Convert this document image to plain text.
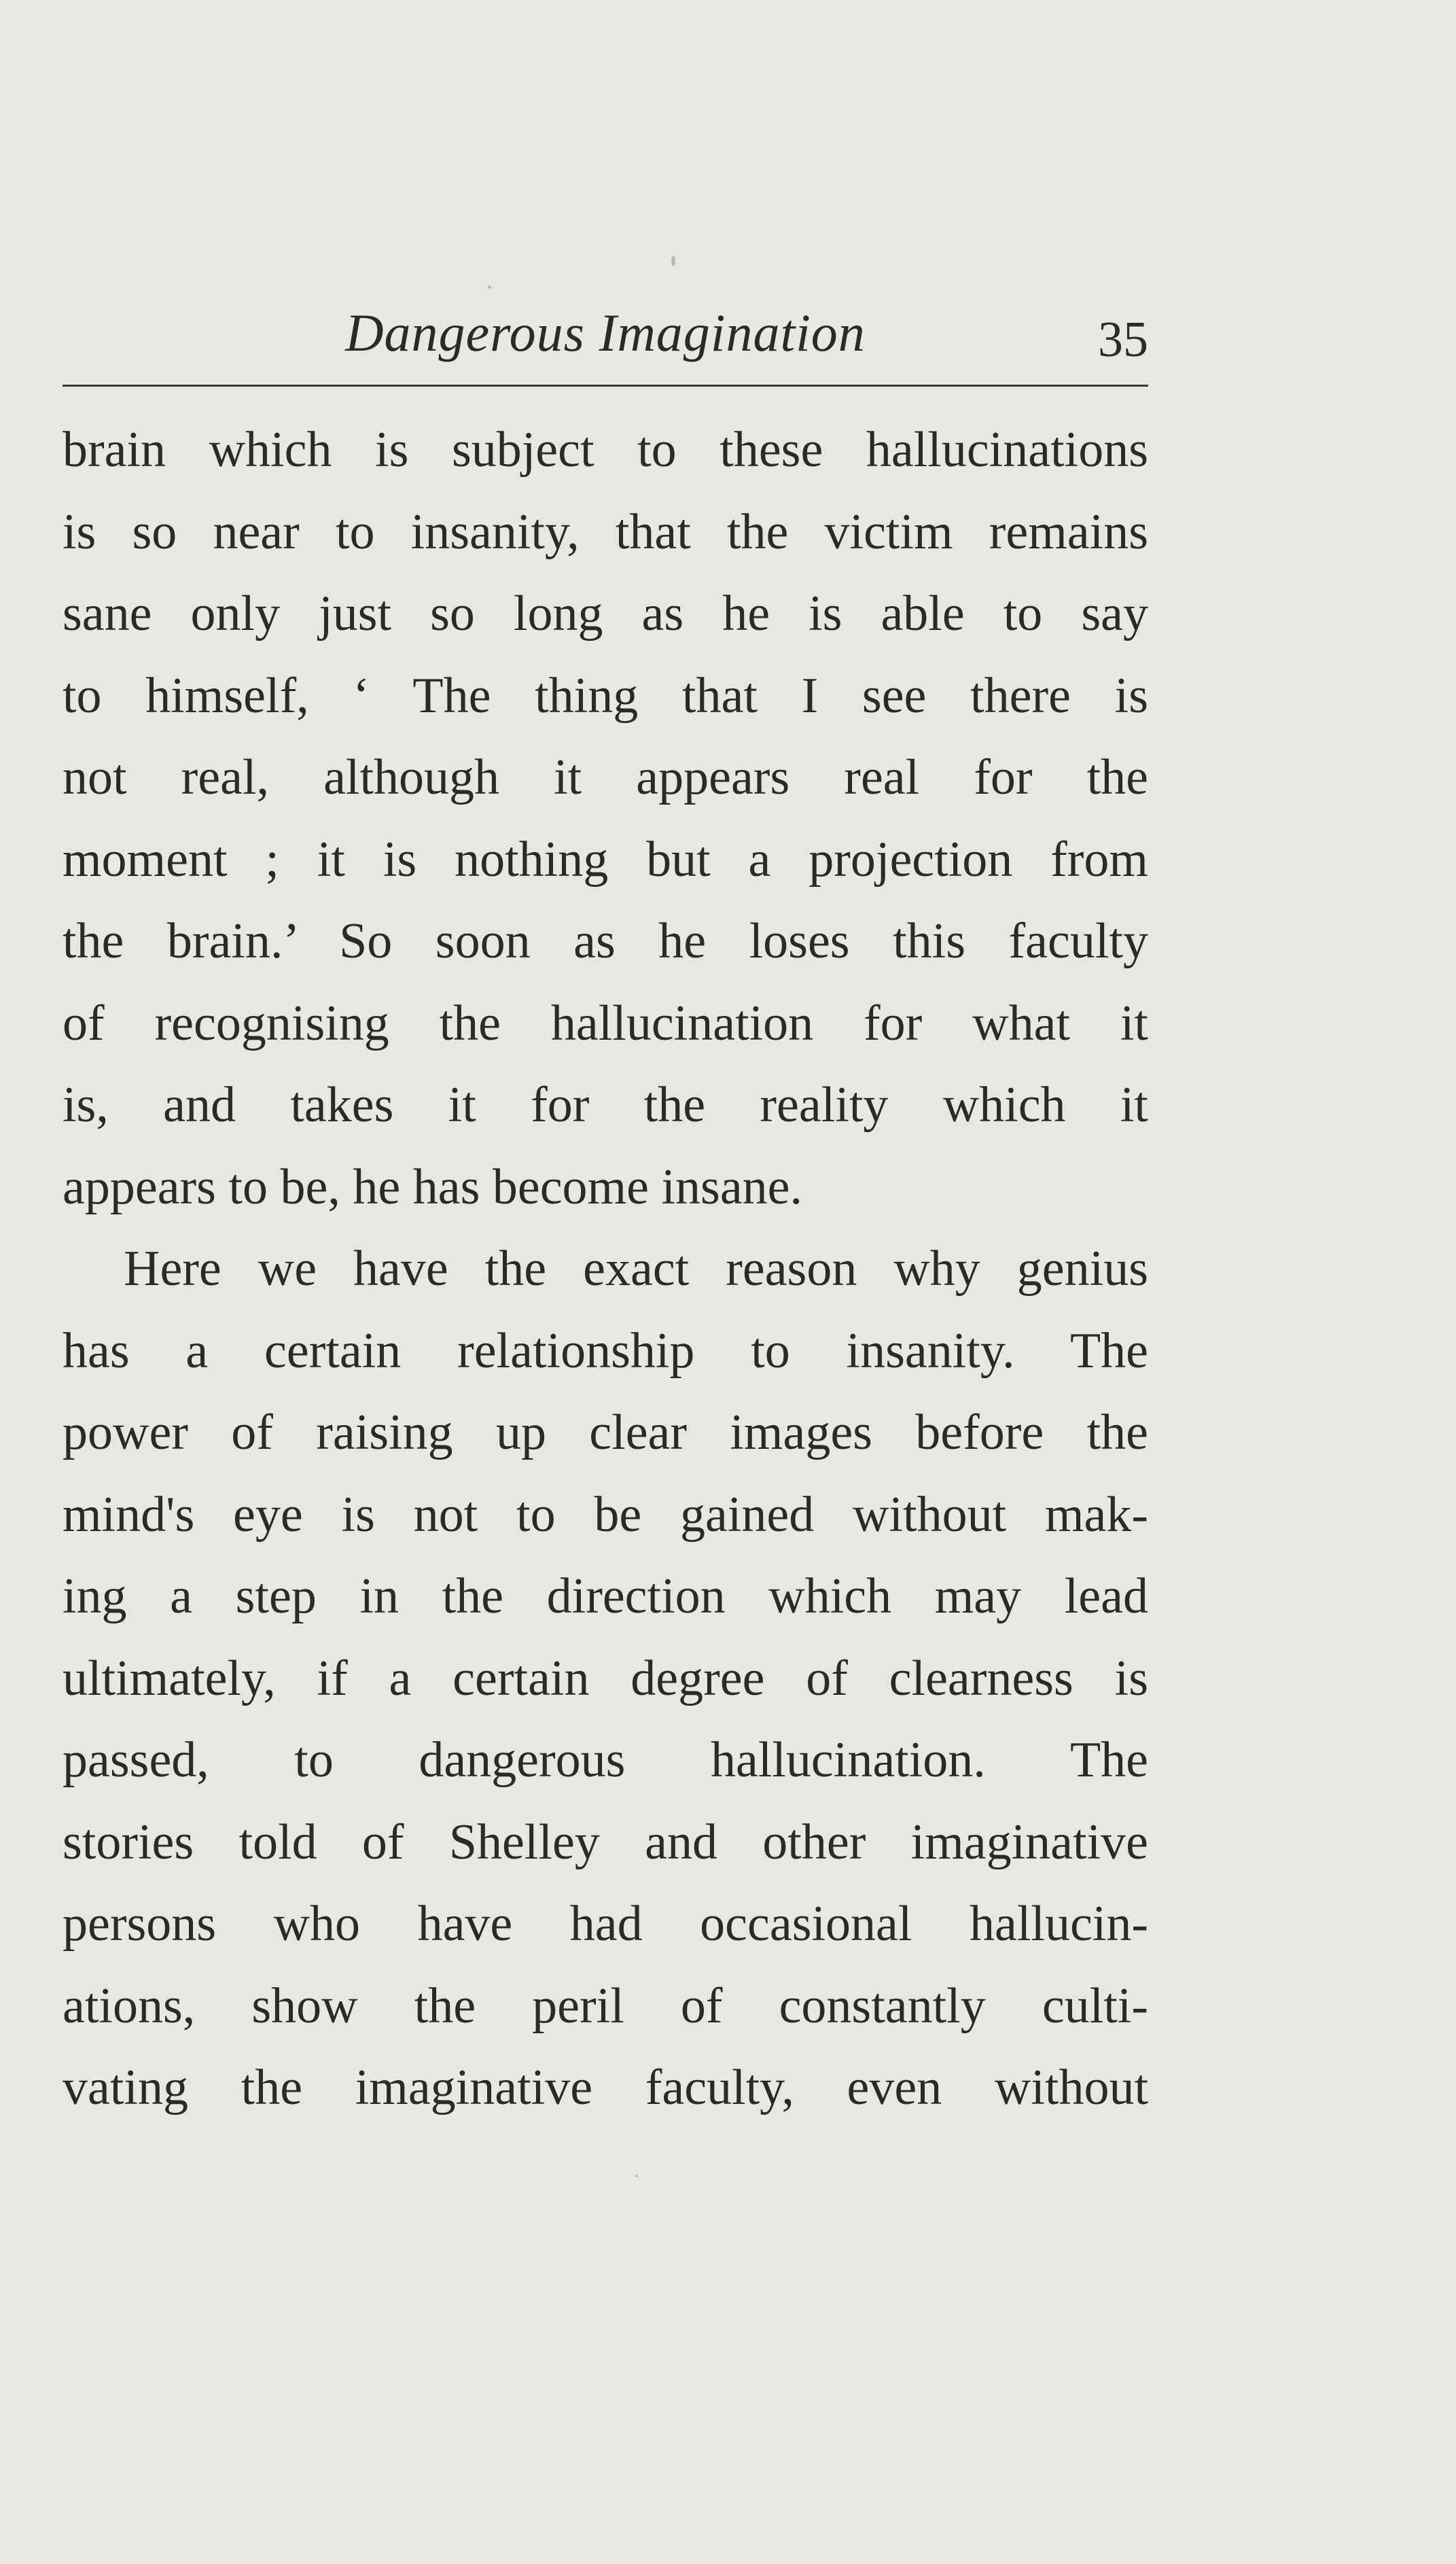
Dangerous Imagination	35
brain which is subject to these hallucinations
is so near to insanity, that the victim remains
sane only just so long as he is able to say
to himself, ‘ The thing that I see there is
not real, although it appears real for the
moment ; it is nothing but a projection from
the brain.’ So soon as he loses this faculty
of recognising the hallucination for what it
is, and takes it for the reality which it
appears to be, he has become insane.
Here we have the exact reason why genius
has a certain relationship to insanity. The
power of raising up clear images before the
mind's eye is not to be gained without mak-
ing a step in the direction which may lead
ultimately, if a certain degree of clearness is
passed, to dangerous hallucination. The
stories told of Shelley and other imaginative
persons who have had occasional hallucin-
ations, show the peril of constantly culti-
vating the imaginative faculty, even without
